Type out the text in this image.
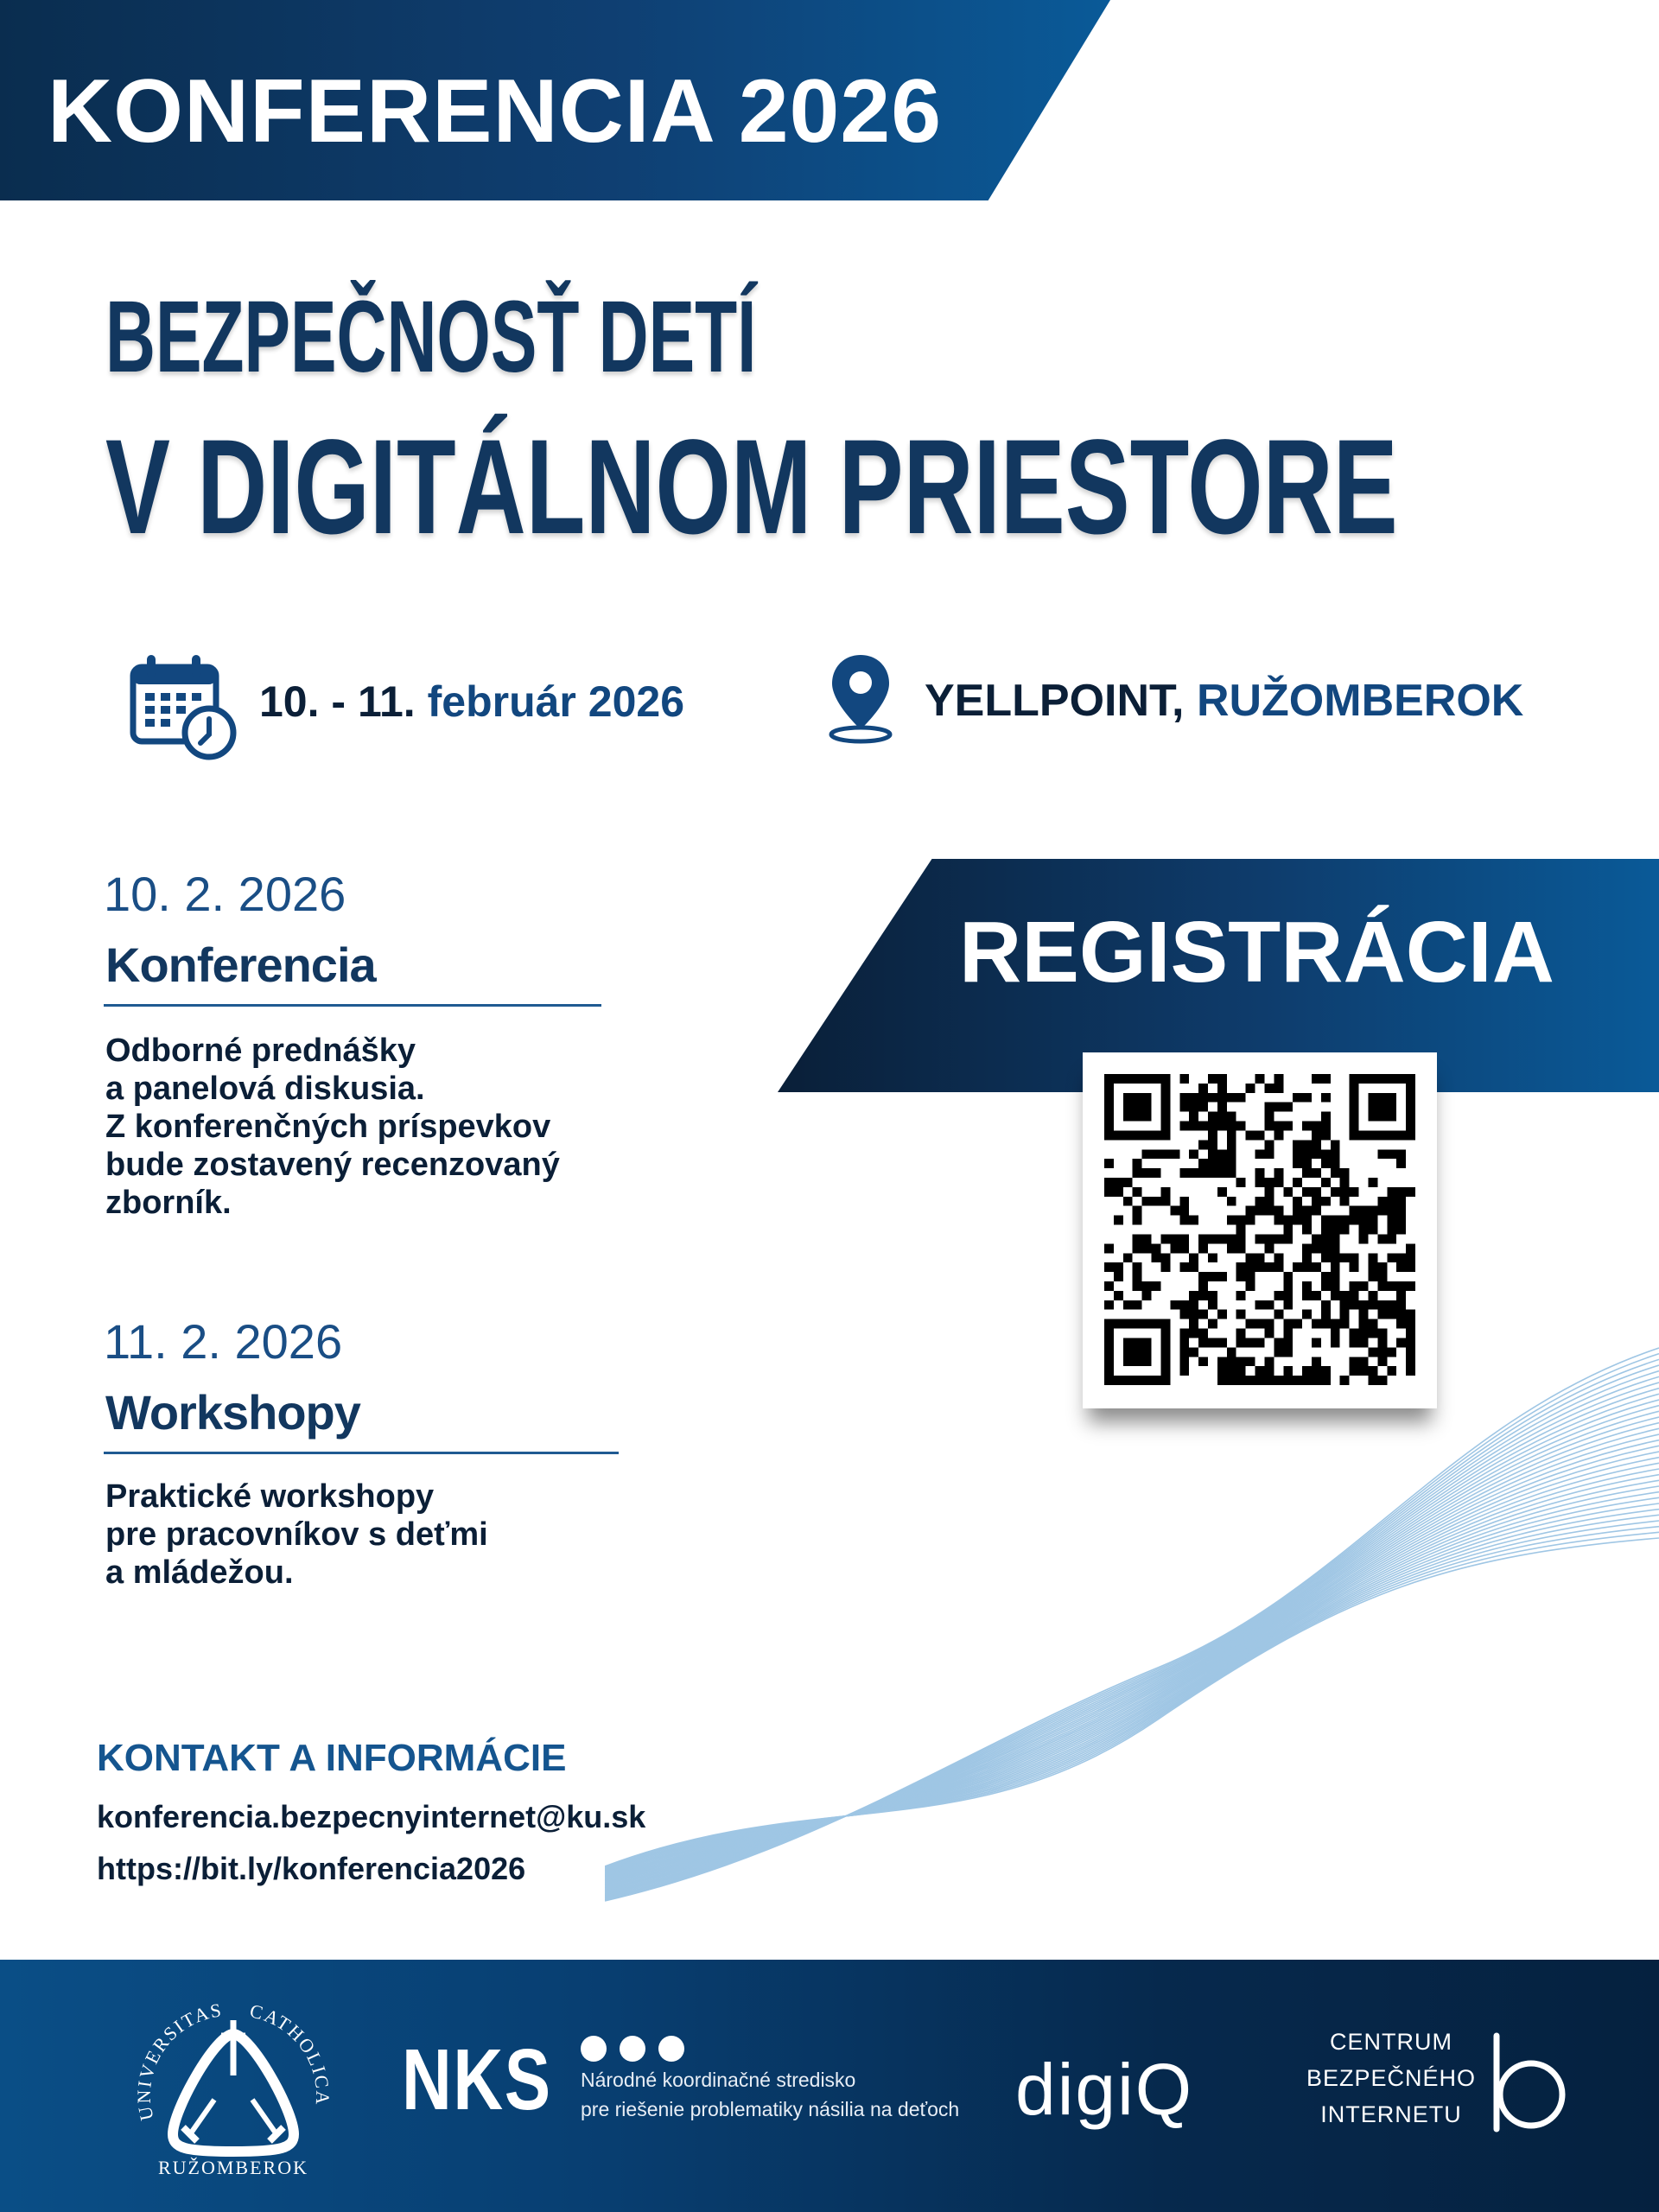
KONFERENCIA 2026
BEZPEČNOSŤ DETÍ
V DIGITÁLNOM PRIESTORE
10. - 11. február 2026	YELLPOINT, RUŽOMBEROK
10. 2. 2026
Konferencia
Odborné prednášky
a panelová diskusia.
Z konferenčných príspevkov
bude zostavený recenzovaný
zborník.
11. 2. 2026
Workshopy
Praktické workshopy
pre pracovníkov s deťmi
a mládežou.
REGISTRÁCIA
KONTAKT A INFORMÁCIE
konferencia.bezpecnyinternet@ku.sk
https://bit.ly/konferencia2026
UNIVERSITAS CATHOLICA
RUŽOMBEROK
NKS Národné koordinačné stredisko
pre riešenie problematiky násilia na deťoch digiQ
CENTRUM
BEZPEČNÉHO
INTERNETU
